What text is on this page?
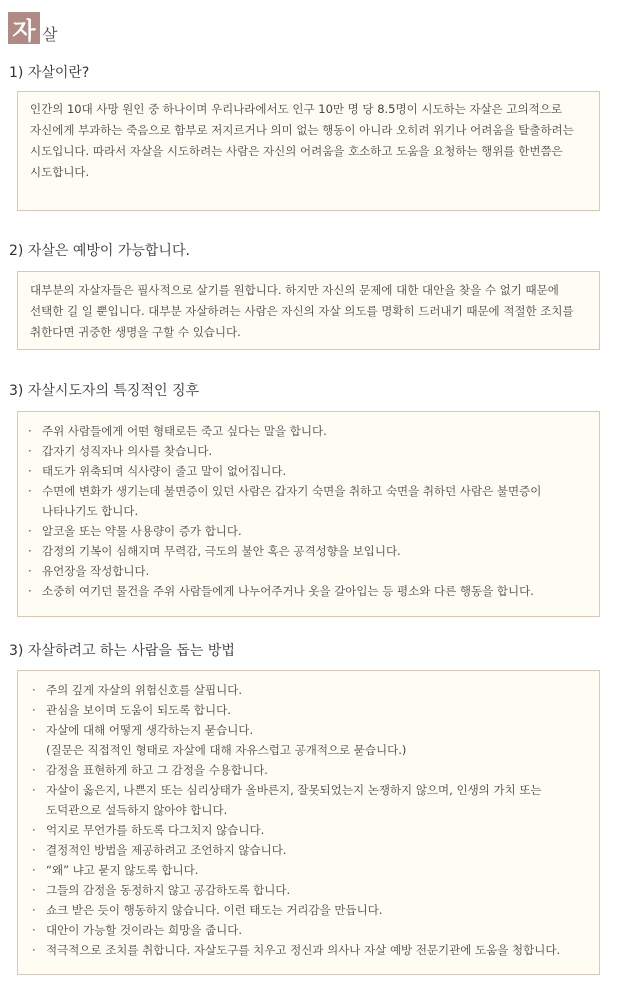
자 살
1) 자살이란?
인간의 10대 사망 원인 중 하나이며 우리나라에서도 인구 10만 명 당 8.5명이 시도하는 자살은 고의적으로 자신에게 부과하는 죽음으로 함부로 저지르거나 의미 없는 행동이 아니라 오히려 위기나 어려움을 탈출하려는 시도입니다. 따라서 자살을 시도하려는 사람은 자신의 어려움을 호소하고 도움을 요청하는 행위를 한번쯤은 시도합니다.
2) 자살은 예방이 가능합니다.
대부분의 자살자들은 필사적으로 살기를 원합니다. 하지만 자신의 문제에 대한 대안을 찾을 수 없기 때문에 선택한 길 일 뿐입니다. 대부분 자살하려는 사람은 자신의 자살 의도를 명확히 드러내기 때문에 적절한 조치를 취한다면 귀중한 생명을 구할 수 있습니다.
3) 자살시도자의 특징적인 징후
· 주위 사람들에게 어떤 형태로든 죽고 싶다는 말을 합니다.
· 갑자기 성직자나 의사를 찾습니다.
· 태도가 위축되며 식사량이 줄고 말이 없어집니다.
· 수면에 변화가 생기는데 불면증이 있던 사람은 갑자기 숙면을 취하고 숙면을 취하던 사람은 불면증이 나타나기도 합니다.
· 알코올 또는 약물 사용량이 증가 합니다.
· 감정의 기복이 심해지며 무력감, 극도의 불안 혹은 공격성향을 보입니다.
· 유언장을 작성합니다.
· 소중히 여기던 물건을 주위 사람들에게 나누어주거나 옷을 갈아입는 등 평소와 다른 행동을 합니다.
3) 자살하려고 하는 사람을 돕는 방법
· 주의 깊게 자살의 위험신호를 살핍니다.
· 관심을 보이며 도움이 되도록 합니다.
· 자살에 대해 어떻게 생각하는지 묻습니다.
(질문은 직접적인 형태로 자살에 대해 자유스럽고 공개적으로 묻습니다.)
· 감정을 표현하게 하고 그 감정을 수용합니다.
· 자살이 옳은지, 나쁜지 또는 심리상태가 올바른지, 잘못되었는지 논쟁하지 않으며, 인생의 가치 또는 도덕관으로 설득하지 않아야 합니다.
· 억지로 무언가를 하도록 다그치지 않습니다.
· 결정적인 방법을 제공하려고 조언하지 않습니다.
· “왜” 냐고 묻지 않도록 합니다.
· 그들의 감정을 동정하지 않고 공감하도록 합니다.
· 쇼크 받은 듯이 행동하지 않습니다. 이런 태도는 거리감을 만듭니다.
· 대안이 가능할 것이라는 희망을 줍니다.
· 적극적으로 조치를 취합니다. 자살도구를 치우고 정신과 의사나 자살 예방 전문기관에 도움을 청합니다.
